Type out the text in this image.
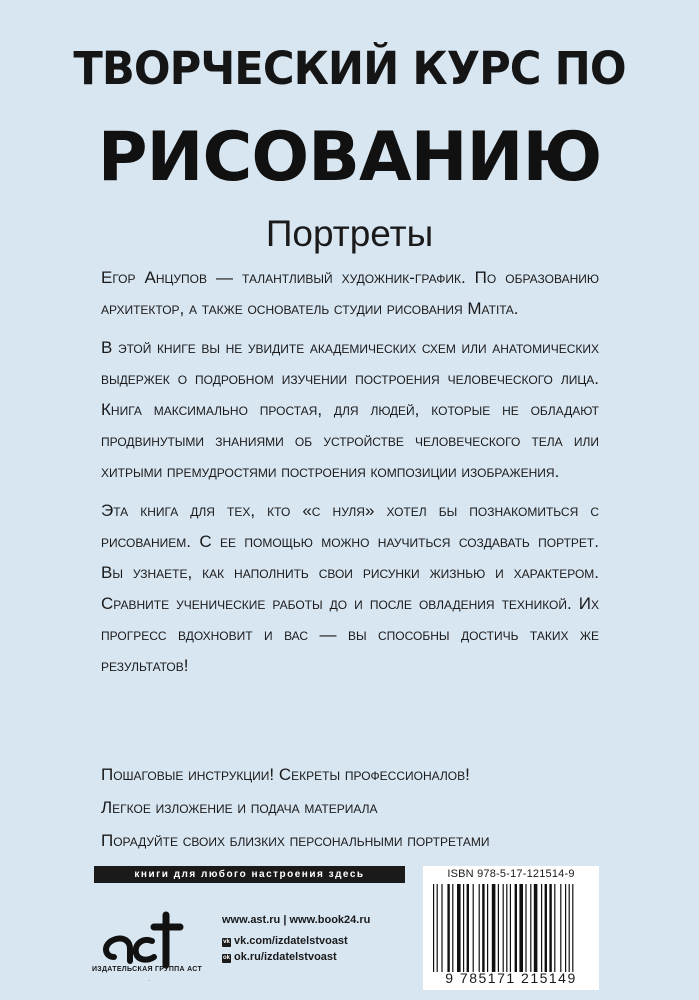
ТВОРЧЕСКИЙ КУРС ПО
РИСОВАНИЮ
Портреты

Егор Анцупов — талантливый художник-график. По образованию архитектор, а также основатель студии рисования Matita.

В этой книге вы не увидите академических схем или анатомических выдержек о подробном изучении построения человеческого лица. Книга максимально простая, для людей, которые не обладают продвинутыми знаниями об устройстве человеческого тела или хитрыми премудростями построения композиции изображения.

Эта книга для тех, кто «с нуля» хотел бы познакомиться с рисованием. С ее помощью можно научиться создавать портрет. Вы узнаете, как наполнить свои рисунки жизнью и характером. Сравните ученические работы до и после овладения техникой. Их прогресс вдохновит и вас — вы способны достичь таких же результатов!

Пошаговые инструкции! Секреты профессионалов!
Легкое изложение и подача материала
Порадуйте своих близких персональными портретами
книги для любого настроения здесь
аст
ИЗДАТЕЛЬСКАЯ ГРУППА АСТ
www.ast.ru | www.book24.ru
vk vk.com/izdatelstvoast
ok ok.ru/izdatelstvoast
ISBN 978-5-17-121514-9
9 785171 215149
